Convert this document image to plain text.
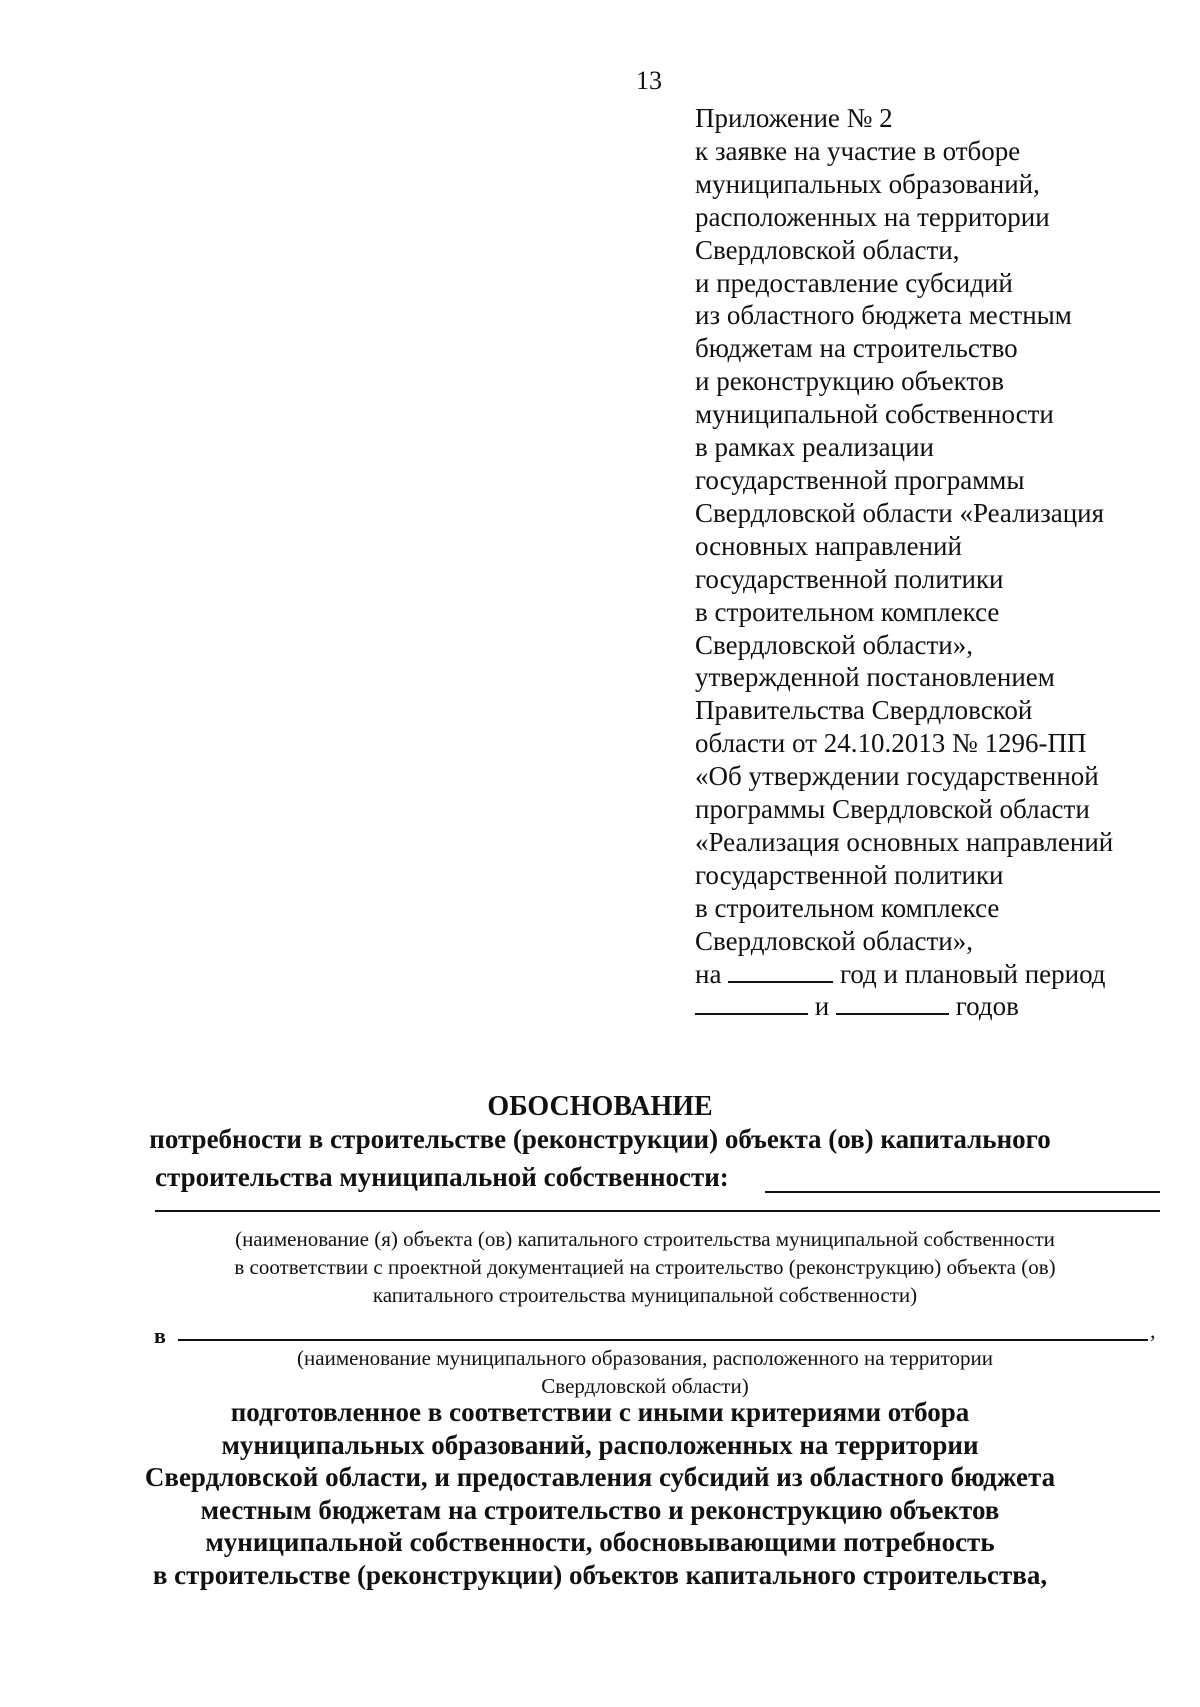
13
Приложение № 2
к заявке на участие в отборе
муниципальных образований,
расположенных на территории
Свердловской области,
и предоставление субсидий
из областного бюджета местным
бюджетам на строительство
и реконструкцию объектов
муниципальной собственности
в рамках реализации
государственной программы
Свердловской области «Реализация
основных направлений
государственной политики
в строительном комплексе
Свердловской области»,
утвержденной постановлением
Правительства Свердловской
области от 24.10.2013 № 1296-ПП
«Об утверждении государственной
программы Свердловской области
«Реализация основных направлений
государственной политики
в строительном комплексе
Свердловской области»,
на	год и плановый период
и	годов
ОБОСНОВАНИЕ
потребности в строительстве (реконструкции) объекта (ов) капитального
строительства муниципальной собственности:
(наименование (я) объекта (ов) капитального строительства муниципальной собственности
в соответствии с проектной документацией на строительство (реконструкцию) объекта (ов)
капитального строительства муниципальной собственности)
в	,
(наименование муниципального образования, расположенного на территории
Свердловской области)
подготовленное в соответствии с иными критериями отбора
муниципальных образований, расположенных на территории
Свердловской области, и предоставления субсидий из областного бюджета
местным бюджетам на строительство и реконструкцию объектов
муниципальной собственности, обосновывающими потребность
в строительстве (реконструкции) объектов капитального строительства,
